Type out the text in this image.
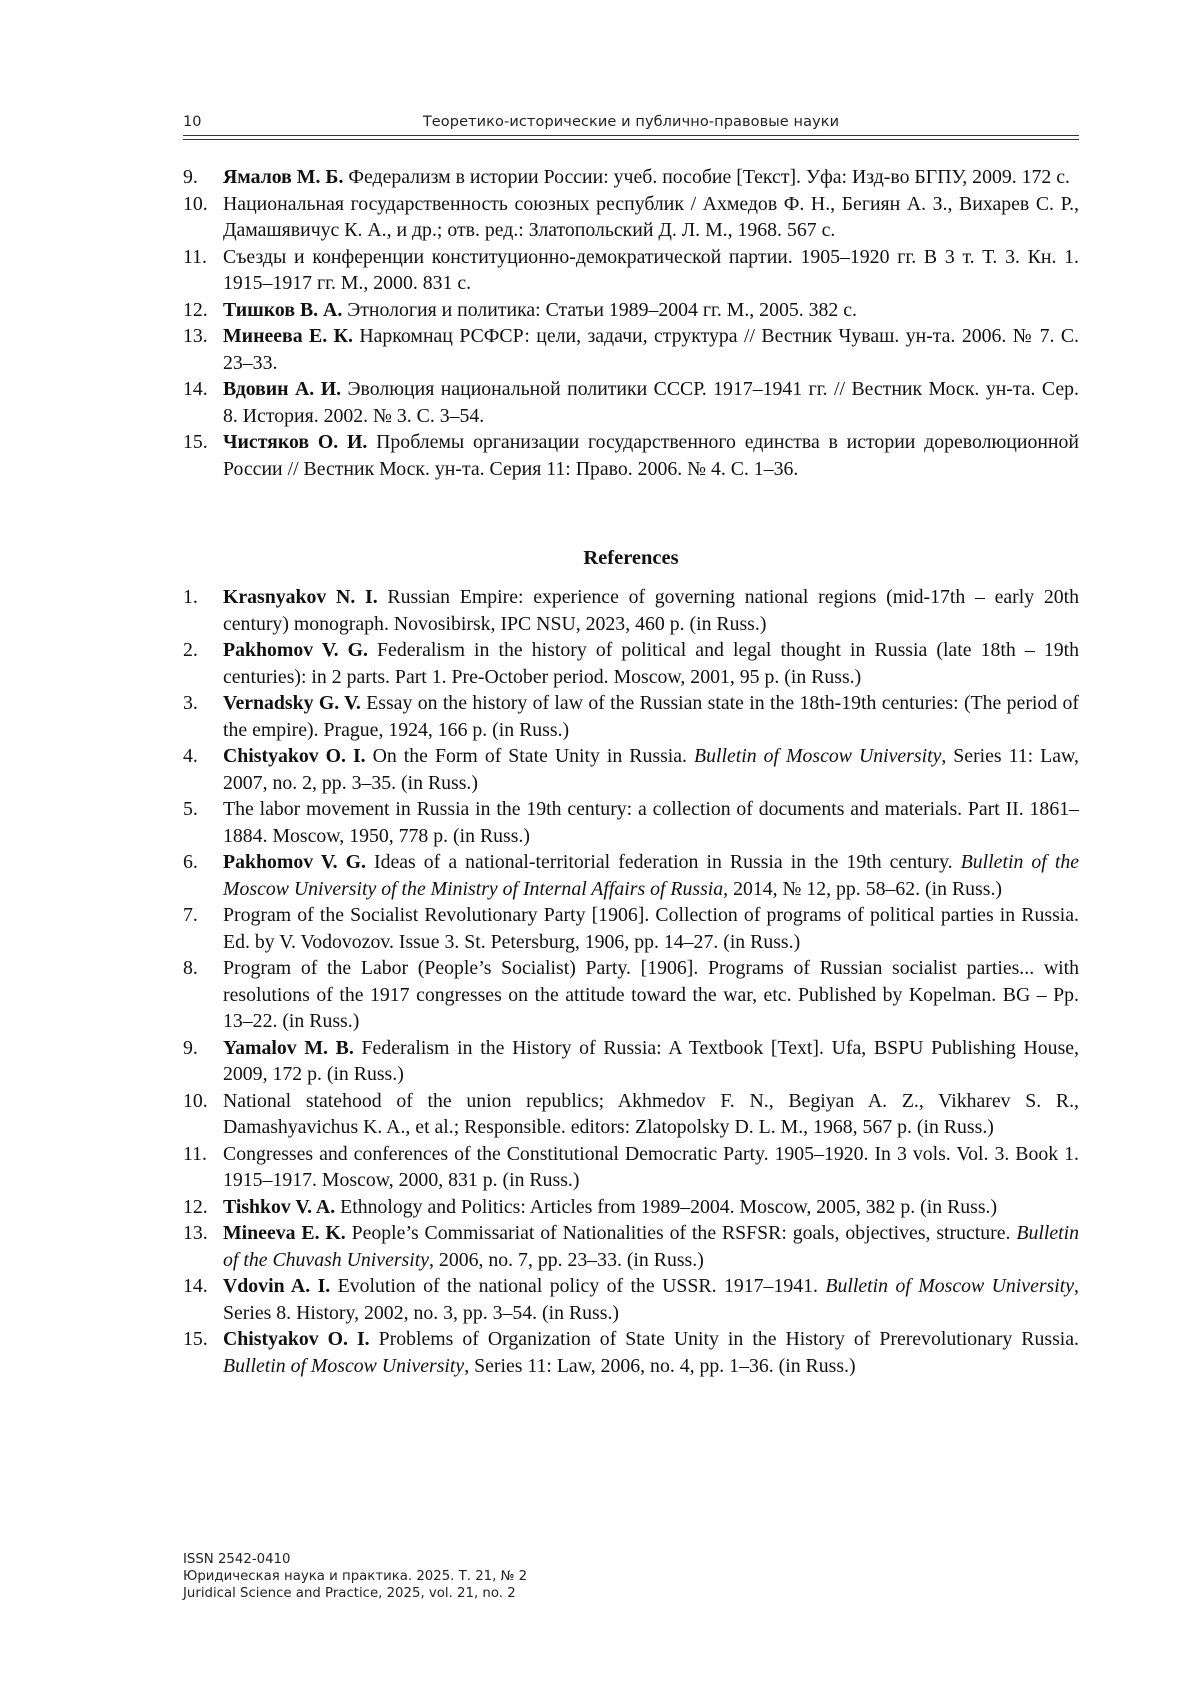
10	Теоретико-исторические и публично-правовые науки
9. Ямалов М. Б. Федерализм в истории России: учеб. пособие [Текст]. Уфа: Изд-во БГПУ, 2009. 172 с.
10. Национальная государственность союзных республик / Ахмедов Ф. Н., Бегиян А. З., Вихарев С. Р., Дамашявичус К. А., и др.; отв. ред.: Златопольский Д. Л. М., 1968. 567 с.
11. Съезды и конференции конституционно-демократической партии. 1905–1920 гг. В 3 т. Т. 3. Кн. 1. 1915–1917 гг. М., 2000. 831 с.
12. Тишков В. А. Этнология и политика: Статьи 1989–2004 гг. М., 2005. 382 с.
13. Минеева Е. К. Наркомнац РСФСР: цели, задачи, структура // Вестник Чуваш. ун-та. 2006. № 7. С. 23–33.
14. Вдовин А. И. Эволюция национальной политики СССР. 1917–1941 гг. // Вестник Моск. ун-та. Сер. 8. История. 2002. № 3. С. 3–54.
15. Чистяков О. И. Проблемы организации государственного единства в истории дореволюционной России // Вестник Моск. ун-та. Серия 11: Право. 2006. № 4. С. 1–36.
References
1. Krasnyakov N. I. Russian Empire: experience of governing national regions (mid-17th – early 20th century) monograph. Novosibirsk, IPC NSU, 2023, 460 p. (in Russ.)
2. Pakhomov V. G. Federalism in the history of political and legal thought in Russia (late 18th – 19th centuries): in 2 parts. Part 1. Pre-October period. Moscow, 2001, 95 p. (in Russ.)
3. Vernadsky G. V. Essay on the history of law of the Russian state in the 18th-19th centuries: (The period of the empire). Prague, 1924, 166 p. (in Russ.)
4. Chistyakov O. I. On the Form of State Unity in Russia. Bulletin of Moscow University, Series 11: Law, 2007, no. 2, pp. 3–35. (in Russ.)
5. The labor movement in Russia in the 19th century: a collection of documents and materials. Part II. 1861–1884. Moscow, 1950, 778 p. (in Russ.)
6. Pakhomov V. G. Ideas of a national-territorial federation in Russia in the 19th century. Bulletin of the Moscow University of the Ministry of Internal Affairs of Russia, 2014, № 12, pp. 58–62. (in Russ.)
7. Program of the Socialist Revolutionary Party [1906]. Collection of programs of political parties in Russia. Ed. by V. Vodovozov. Issue 3. St. Petersburg, 1906, pp. 14–27. (in Russ.)
8. Program of the Labor (People’s Socialist) Party. [1906]. Programs of Russian socialist parties... with resolutions of the 1917 congresses on the attitude toward the war, etc. Published by Kopelman. BG – Pp. 13–22. (in Russ.)
9. Yamalov M. B. Federalism in the History of Russia: A Textbook [Text]. Ufa, BSPU Publishing House, 2009, 172 p. (in Russ.)
10. National statehood of the union republics; Akhmedov F. N., Begiyan A. Z., Vikharev S. R., Damashyavichus K. A., et al.; Responsible. editors: Zlatopolsky D. L. M., 1968, 567 p. (in Russ.)
11. Congresses and conferences of the Constitutional Democratic Party. 1905–1920. In 3 vols. Vol. 3. Book 1. 1915–1917. Moscow, 2000, 831 p. (in Russ.)
12. Tishkov V. A. Ethnology and Politics: Articles from 1989–2004. Moscow, 2005, 382 p. (in Russ.)
13. Mineeva E. K. People’s Commissariat of Nationalities of the RSFSR: goals, objectives, structure. Bulletin of the Chuvash University, 2006, no. 7, pp. 23–33. (in Russ.)
14. Vdovin A. I. Evolution of the national policy of the USSR. 1917–1941. Bulletin of Moscow University, Series 8. History, 2002, no. 3, pp. 3–54. (in Russ.)
15. Chistyakov O. I. Problems of Organization of State Unity in the History of Prerevolutionary Russia. Bulletin of Moscow University, Series 11: Law, 2006, no. 4, pp. 1–36. (in Russ.)
ISSN 2542-0410
Юридическая наука и практика. 2025. Т. 21, № 2
Juridical Science and Practice, 2025, vol. 21, no. 2
